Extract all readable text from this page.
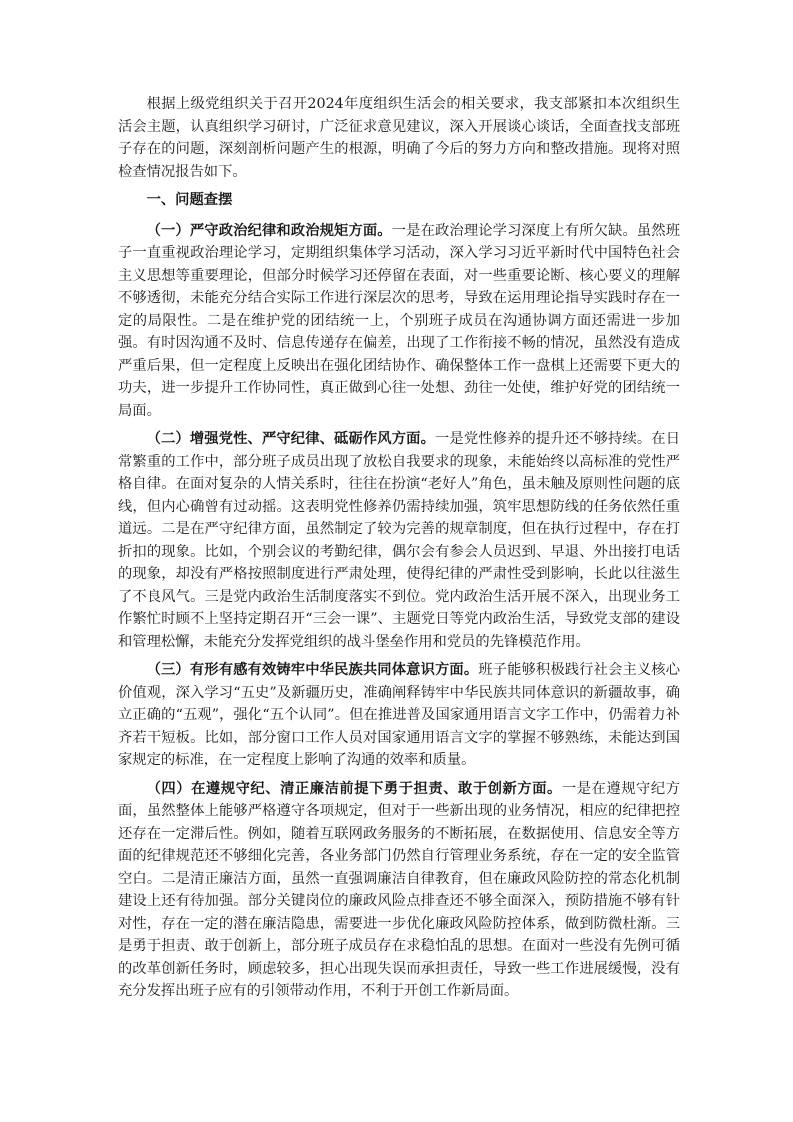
根据上级党组织关于召开2024年度组织生活会的相关要求，我支部紧扣本次组织生活会主题，认真组织学习研讨，广泛征求意见建议，深入开展谈心谈话，全面查找支部班子存在的问题，深刻剖析问题产生的根源，明确了今后的努力方向和整改措施。现将对照检查情况报告如下。

一、问题查摆

（一）严守政治纪律和政治规矩方面。一是在政治理论学习深度上有所欠缺。虽然班子一直重视政治理论学习，定期组织集体学习活动，深入学习习近平新时代中国特色社会主义思想等重要理论，但部分时候学习还停留在表面，对一些重要论断、核心要义的理解不够透彻，未能充分结合实际工作进行深层次的思考，导致在运用理论指导实践时存在一定的局限性。二是在维护党的团结统一上，个别班子成员在沟通协调方面还需进一步加强。有时因沟通不及时、信息传递存在偏差，出现了工作衔接不畅的情况，虽然没有造成严重后果，但一定程度上反映出在强化团结协作、确保整体工作一盘棋上还需要下更大的功夫，进一步提升工作协同性，真正做到心往一处想、劲往一处使，维护好党的团结统一局面。

（二）增强党性、严守纪律、砥砺作风方面。一是党性修养的提升还不够持续。在日常繁重的工作中，部分班子成员出现了放松自我要求的现象，未能始终以高标准的党性严格自律。在面对复杂的人情关系时，往往在扮演“老好人”角色，虽未触及原则性问题的底线，但内心确曾有过动摇。这表明党性修养仍需持续加强，筑牢思想防线的任务依然任重道远。二是在严守纪律方面，虽然制定了较为完善的规章制度，但在执行过程中，存在打折扣的现象。比如，个别会议的考勤纪律，偶尔会有参会人员迟到、早退、外出接打电话的现象，却没有严格按照制度进行严肃处理，使得纪律的严肃性受到影响，长此以往滋生了不良风气。三是党内政治生活制度落实不到位。党内政治生活开展不深入，出现业务工作繁忙时顾不上坚持定期召开“三会一课”、主题党日等党内政治生活，导致党支部的建设和管理松懈，未能充分发挥党组织的战斗堡垒作用和党员的先锋模范作用。

（三）有形有感有效铸牢中华民族共同体意识方面。班子能够积极践行社会主义核心价值观，深入学习“五史”及新疆历史，准确阐释铸牢中华民族共同体意识的新疆故事，确立正确的“五观”，强化“五个认同”。但在推进普及国家通用语言文字工作中，仍需着力补齐若干短板。比如，部分窗口工作人员对国家通用语言文字的掌握不够熟练，未能达到国家规定的标准，在一定程度上影响了沟通的效率和质量。

（四）在遵规守纪、清正廉洁前提下勇于担责、敢于创新方面。一是在遵规守纪方面，虽然整体上能够严格遵守各项规定，但对于一些新出现的业务情况，相应的纪律把控还存在一定滞后性。例如，随着互联网政务服务的不断拓展，在数据使用、信息安全等方面的纪律规范还不够细化完善，各业务部门仍然自行管理业务系统，存在一定的安全监管空白。二是清正廉洁方面，虽然一直强调廉洁自律教育，但在廉政风险防控的常态化机制建设上还有待加强。部分关键岗位的廉政风险点排查还不够全面深入，预防措施不够有针对性，存在一定的潜在廉洁隐患，需要进一步优化廉政风险防控体系，做到防微杜渐。三是勇于担责、敢于创新上，部分班子成员存在求稳怕乱的思想。在面对一些没有先例可循的改革创新任务时，顾虑较多，担心出现失误而承担责任，导致一些工作进展缓慢，没有充分发挥出班子应有的引领带动作用，不利于开创工作新局面。
